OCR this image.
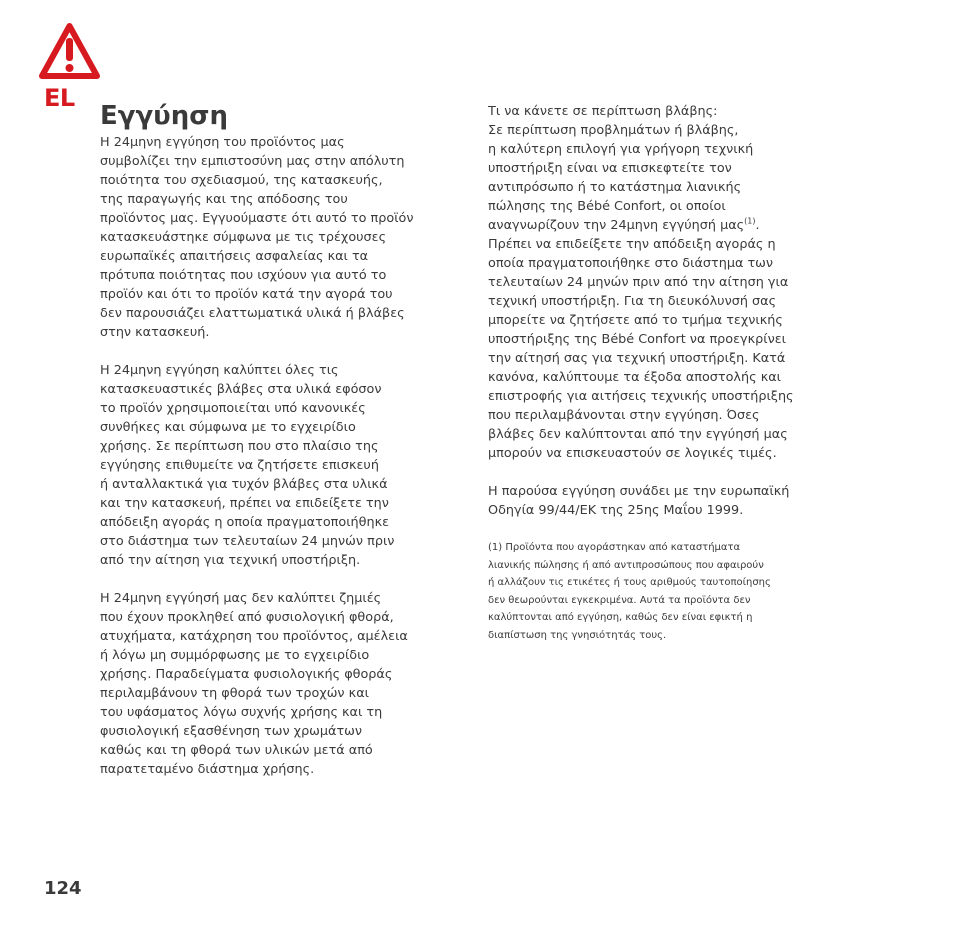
EL
Εγγύηση

Η 24μηνη εγγύηση του προϊόντος μας
συμβολίζει την εμπιστοσύνη μας στην απόλυτη
ποιότητα του σχεδιασμού, της κατασκευής,
της παραγωγής και της απόδοσης του
προϊόντος μας. Εγγυούμαστε ότι αυτό το προϊόν
κατασκευάστηκε σύμφωνα με τις τρέχουσες
ευρωπαϊκές απαιτήσεις ασφαλείας και τα
πρότυπα ποιότητας που ισχύουν για αυτό το
προϊόν και ότι το προϊόν κατά την αγορά του
δεν παρουσιάζει ελαττωματικά υλικά ή βλάβες
στην κατασκευή.

Η 24μηνη εγγύηση καλύπτει όλες τις
κατασκευαστικές βλάβες στα υλικά εφόσον
το προϊόν χρησιμοποιείται υπό κανονικές
συνθήκες και σύμφωνα με το εγχειρίδιο
χρήσης. Σε περίπτωση που στο πλαίσιο της
εγγύησης επιθυμείτε να ζητήσετε επισκευή
ή ανταλλακτικά για τυχόν βλάβες στα υλικά
και την κατασκευή, πρέπει να επιδείξετε την
απόδειξη αγοράς η οποία πραγματοποιήθηκε
στο διάστημα των τελευταίων 24 μηνών πριν
από την αίτηση για τεχνική υποστήριξη.

Η 24μηνη εγγύησή μας δεν καλύπτει ζημιές
που έχουν προκληθεί από φυσιολογική φθορά,
ατυχήματα, κατάχρηση του προϊόντος, αμέλεια
ή λόγω μη συμμόρφωσης με το εγχειρίδιο
χρήσης. Παραδείγματα φυσιολογικής φθοράς
περιλαμβάνουν τη φθορά των τροχών και
του υφάσματος λόγω συχνής χρήσης και τη
φυσιολογική εξασθένηση των χρωμάτων
καθώς και τη φθορά των υλικών μετά από
παρατεταμένο διάστημα χρήσης.

Τι να κάνετε σε περίπτωση βλάβης:
Σε περίπτωση προβλημάτων ή βλάβης,
η καλύτερη επιλογή για γρήγορη τεχνική
υποστήριξη είναι να επισκεφτείτε τον
αντιπρόσωπο ή το κατάστημα λιανικής
πώλησης της Bébé Confort, οι οποίοι
αναγνωρίζουν την 24μηνη εγγύησή μας$^{(1)}$.
Πρέπει να επιδείξετε την απόδειξη αγοράς η
οποία πραγματοποιήθηκε στο διάστημα των
τελευταίων 24 μηνών πριν από την αίτηση για
τεχνική υποστήριξη. Για τη διευκόλυνσή σας
μπορείτε να ζητήσετε από το τμήμα τεχνικής
υποστήριξης της Bébé Confort να προεγκρίνει
την αίτησή σας για τεχνική υποστήριξη. Κατά
κανόνα, καλύπτουμε τα έξοδα αποστολής και
επιστροφής για αιτήσεις τεχνικής υποστήριξης
που περιλαμβάνονται στην εγγύηση. Όσες
βλάβες δεν καλύπτονται από την εγγύησή μας
μπορούν να επισκευαστούν σε λογικές τιμές.

Η παρούσα εγγύηση συνάδει με την ευρωπαϊκή
Οδηγία 99/44/ΕΚ της 25ης Μαΐου 1999.

(1) Προϊόντα που αγοράστηκαν από καταστήματα
λιανικής πώλησης ή από αντιπροσώπους που αφαιρούν
ή αλλάζουν τις ετικέτες ή τους αριθμούς ταυτοποίησης
δεν θεωρούνται εγκεκριμένα. Αυτά τα προϊόντα δεν
καλύπτονται από εγγύηση, καθώς δεν είναι εφικτή η
διαπίστωση της γνησιότητάς τους.
124
